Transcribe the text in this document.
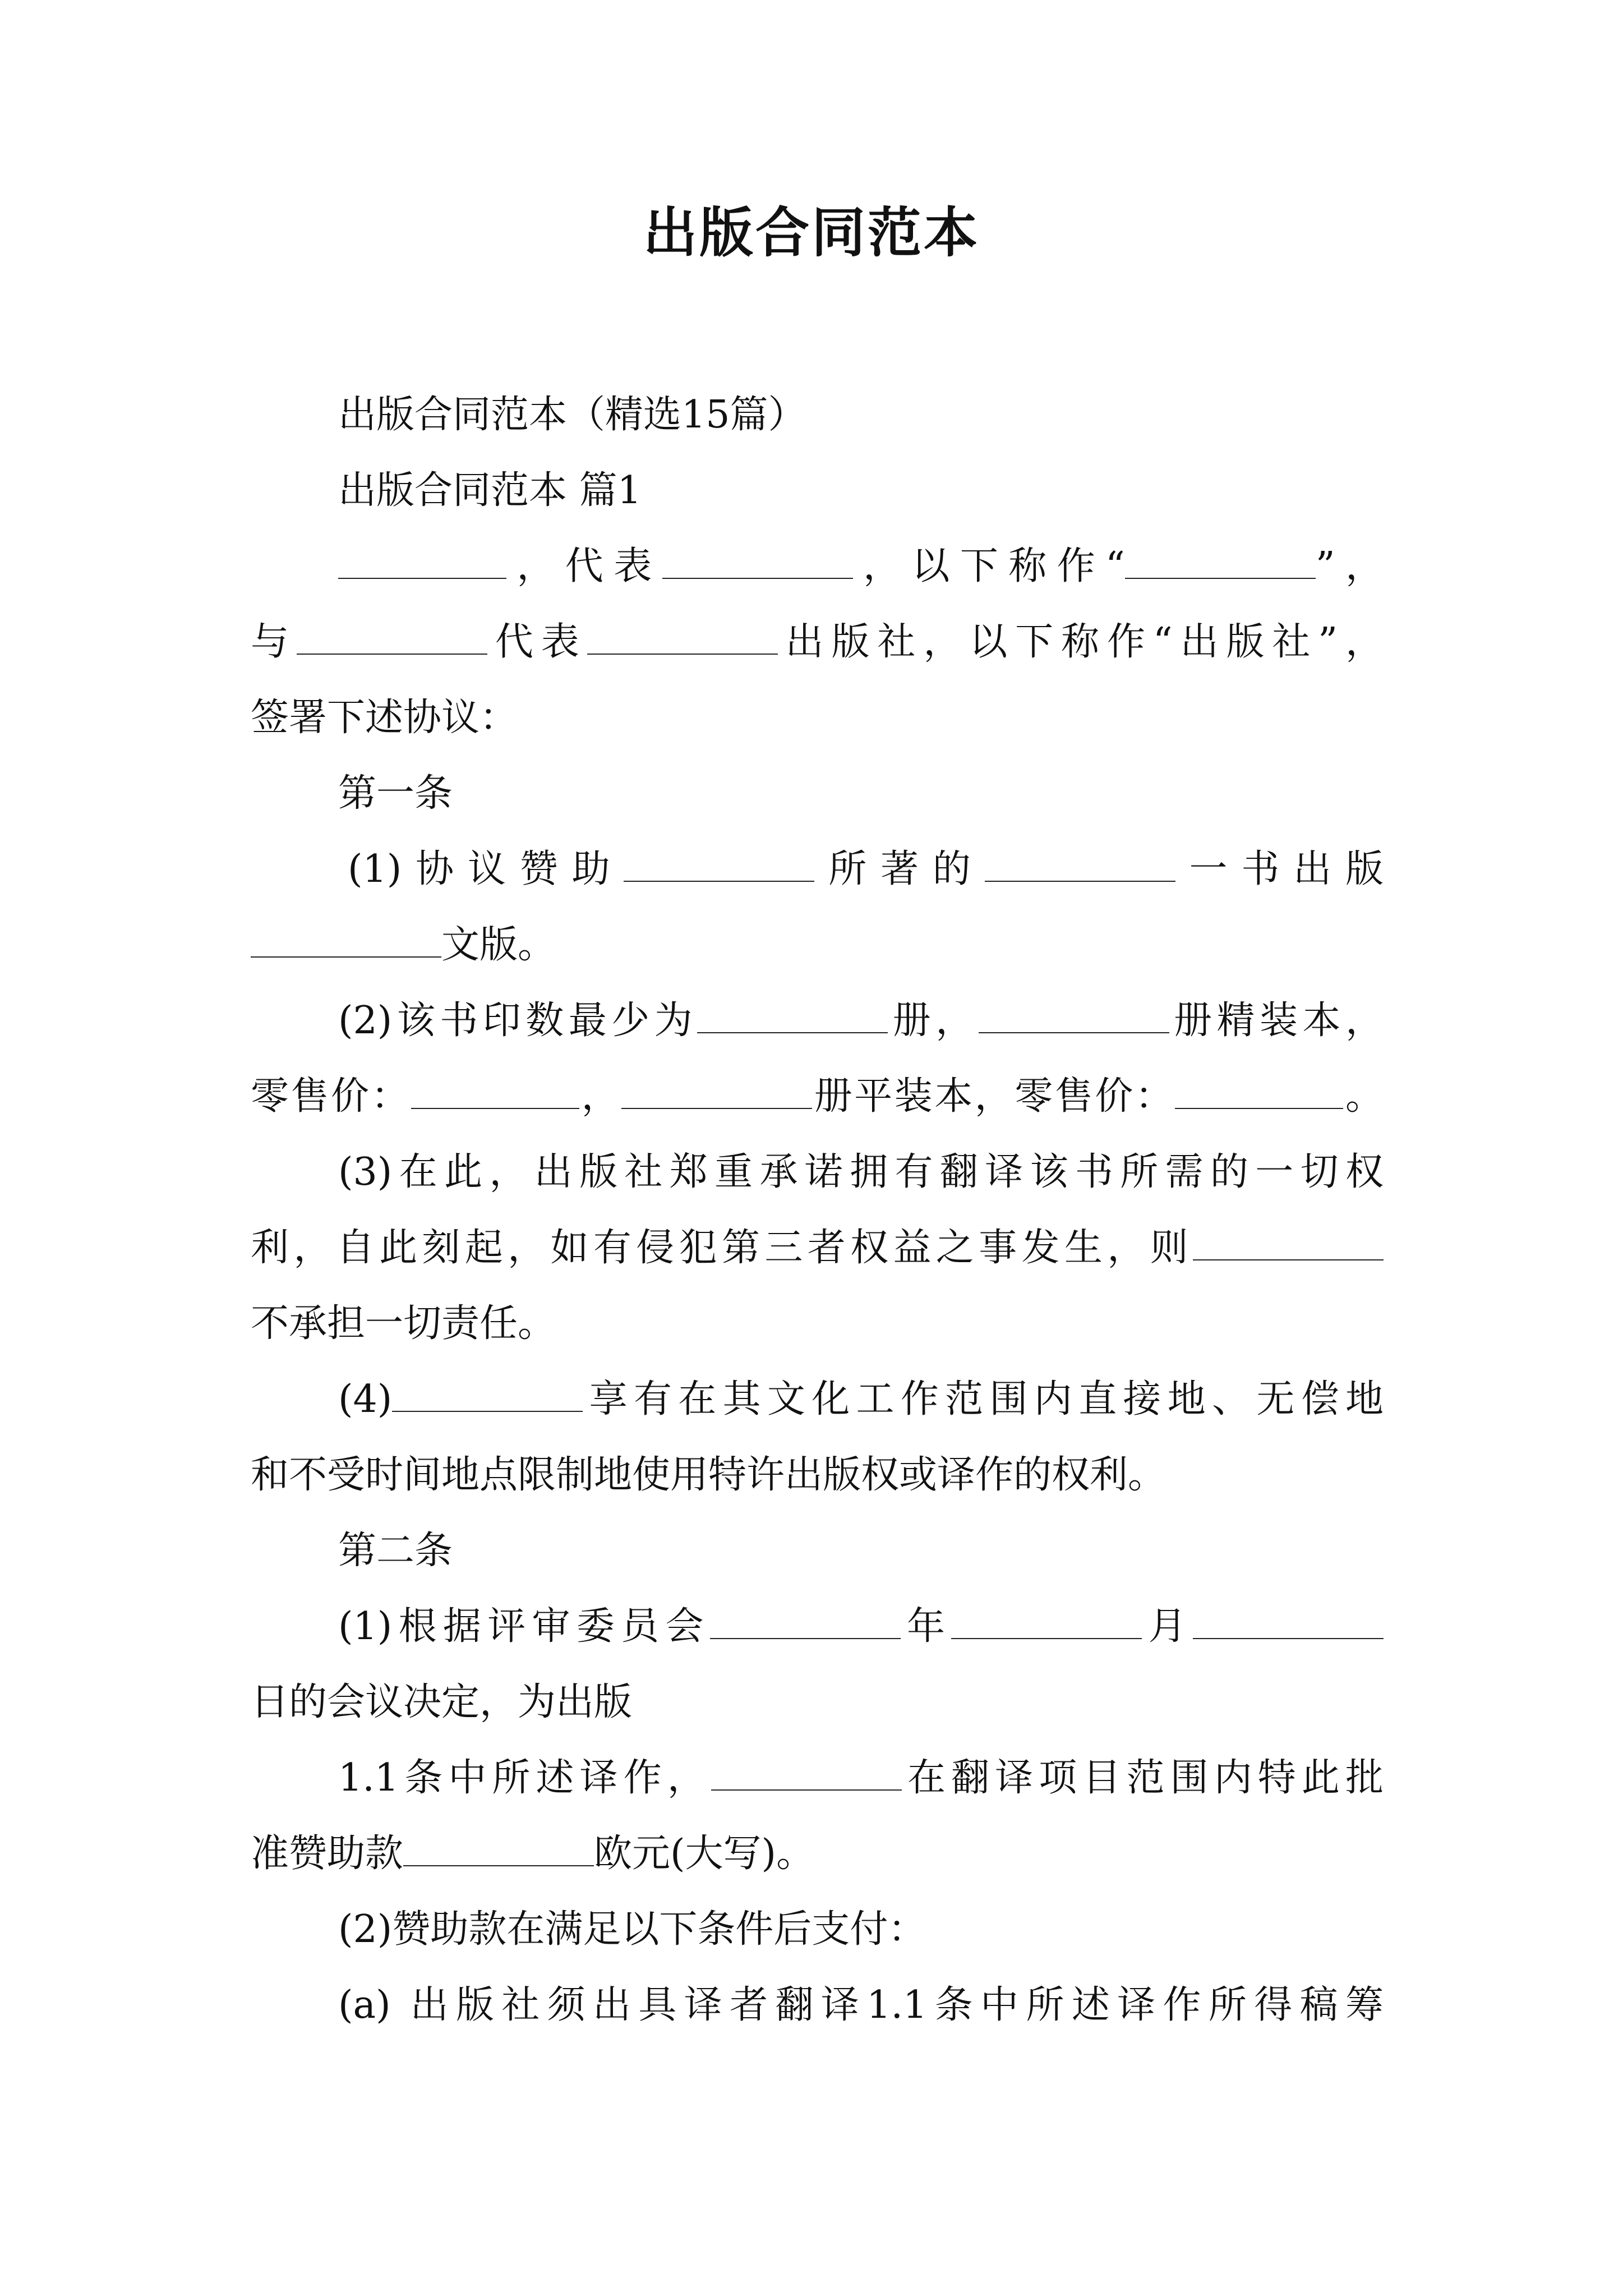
出版合同范本
出版合同范本（精选15篇）
出版合同范本 篇1
，代表	，以下称作“	”，
与	代表	出版社，以下称作“出版社”，
签署下述协议：
第一条
(1)协议赞助	所著的	一书出版
文版。
(2)该书印数最少为	册，	册精装本，
零售价：	，	册平装本，零售价：	。
(3)在此，出版社郑重承诺拥有翻译该书所需的一切权
利，自此刻起，如有侵犯第三者权益之事发生，则
不承担一切责任。
(4)	享有在其文化工作范围内直接地、无偿地
和不受时间地点限制地使用特许出版权或译作的权利。
第二条
(1)根据评审委员会	年	月
日的会议决定，为出版
1.1条中所述译作，	在翻译项目范围内特此批
准赞助款	欧元(大写)。
(2)赞助款在满足以下条件后支付：
(a) 出版社须出具译者翻译1.1条中所述译作所得稿筹
